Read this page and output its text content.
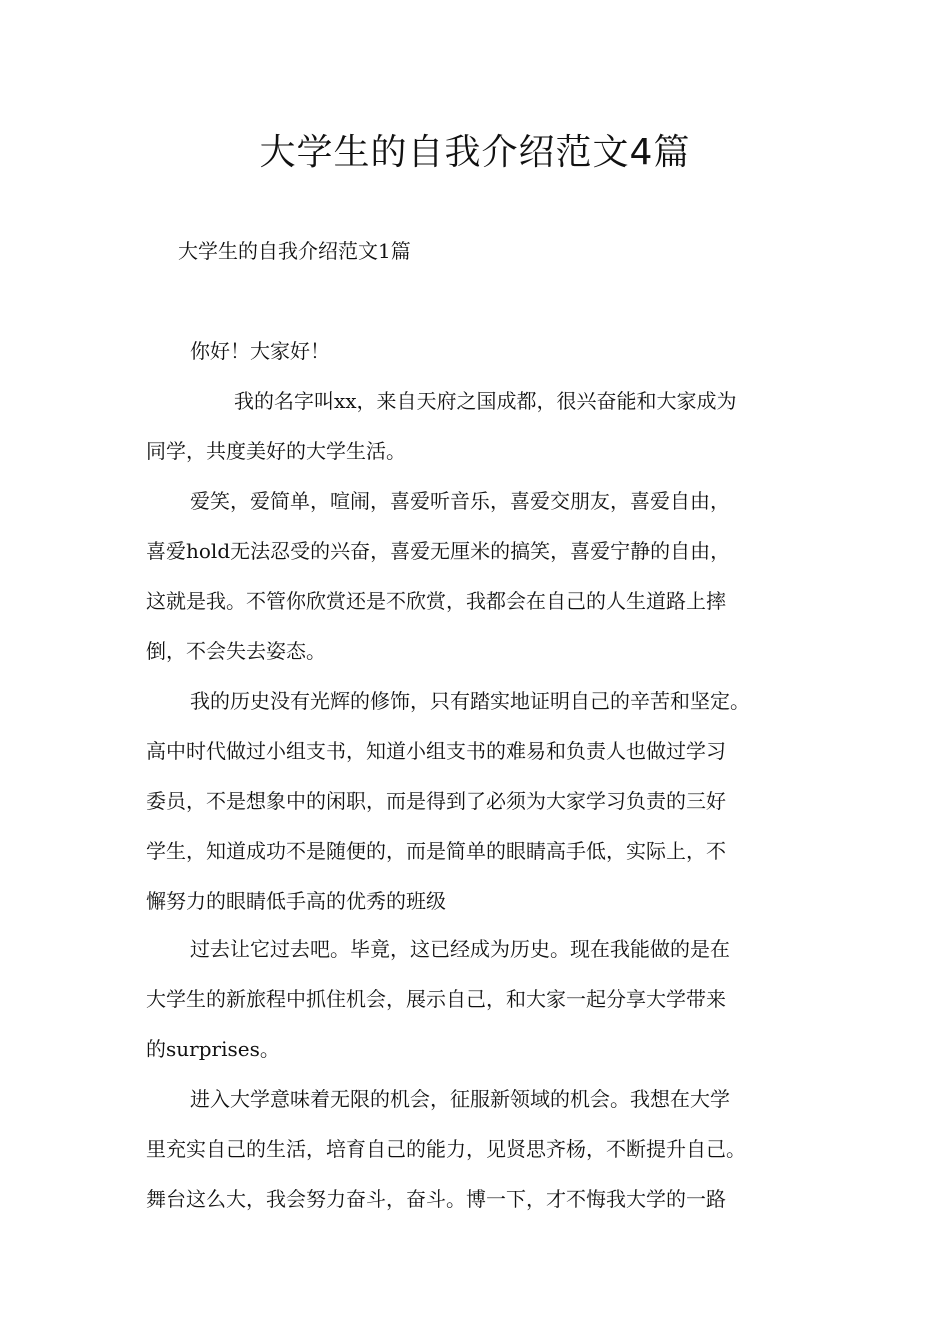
大学生的自我介绍范文4篇

大学生的自我介绍范文1篇

你好！大家好！

我的名字叫xx，来自天府之国成都，很兴奋能和大家成为

同学，共度美好的大学生活。

爱笑，爱简单，喧闹，喜爱听音乐，喜爱交朋友，喜爱自由，

喜爱hold无法忍受的兴奋，喜爱无厘米的搞笑，喜爱宁静的自由，

这就是我。不管你欣赏还是不欣赏，我都会在自己的人生道路上摔

倒，不会失去姿态。

我的历史没有光辉的修饰，只有踏实地证明自己的辛苦和坚定。

高中时代做过小组支书，知道小组支书的难易和负责人也做过学习

委员，不是想象中的闲职，而是得到了必须为大家学习负责的三好

学生，知道成功不是随便的，而是简单的眼睛高手低，实际上，不

懈努力的眼睛低手高的优秀的班级

过去让它过去吧。毕竟，这已经成为历史。现在我能做的是在

大学生的新旅程中抓住机会，展示自己，和大家一起分享大学带来

的surprises。

进入大学意味着无限的机会，征服新领域的机会。我想在大学

里充实自己的生活，培育自己的能力，见贤思齐杨，不断提升自己。

舞台这么大，我会努力奋斗，奋斗。博一下，才不悔我大学的一路
